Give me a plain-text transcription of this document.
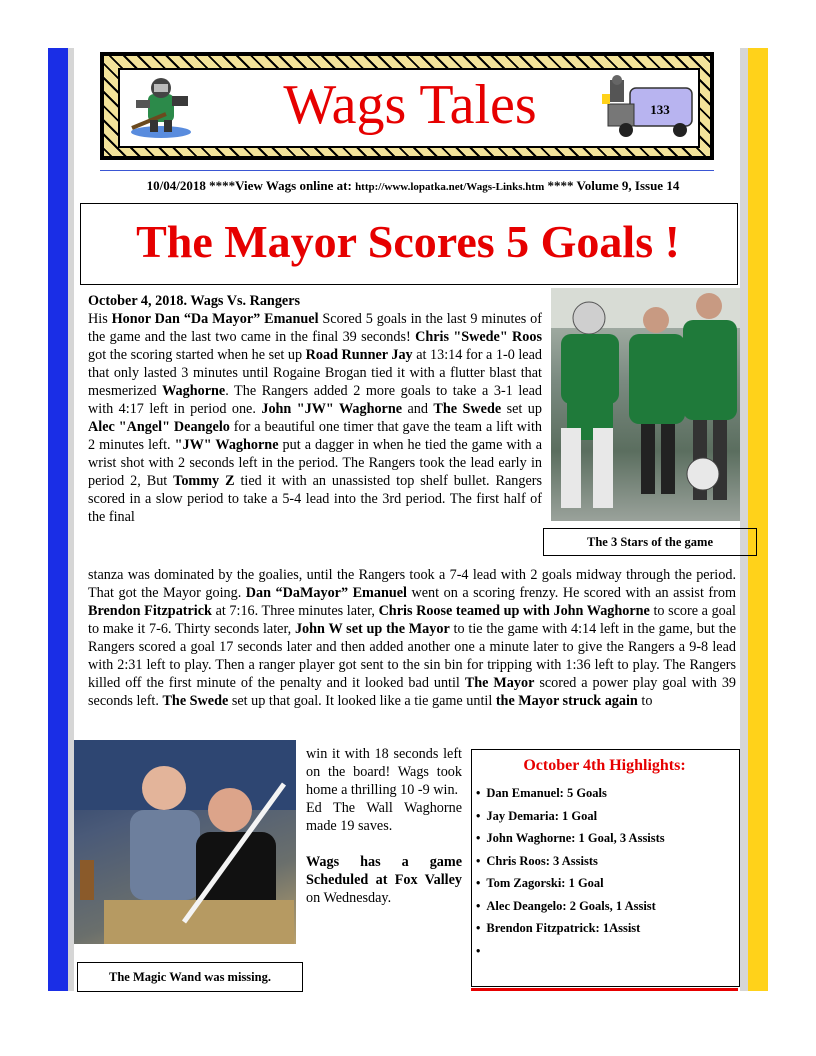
Wags Tales	133
10/04/2018 ****View Wags online at: http://www.lopatka.net/Wags-Links.htm **** Volume 9, Issue 14
The Mayor Scores 5 Goals !
October 4, 2018. Wags Vs. Rangers
His Honor Dan “Da Mayor” Emanuel Scored 5 goals in the last 9 minutes of the game and the last two came in the final 39 seconds! Chris "Swede" Roos got the scoring started when he set up Road Runner Jay at 13:14 for a 1-0 lead that only lasted 3 minutes until Rogaine Brogan tied it with a flutter blast that mesmerized Waghorne. The Rangers added 2 more goals to take a 3-1 lead with 4:17 left in period one. John "JW" Waghorne and The Swede set up Alec "Angel" Deangelo for a beautiful one timer that gave the team a lift with 2 minutes left. "JW" Waghorne put a dagger in when he tied the game with a wrist shot with 2 seconds left in the period. The Rangers took the lead early in period 2, But Tommy Z tied it with an unassisted top shelf bullet. Rangers scored in a slow period to take a 5-4 lead into the 3rd period. The first half of the final
The 3 Stars of the game
stanza was dominated by the goalies, until the Rangers took a 7-4 lead with 2 goals midway through the period. That got the Mayor going. Dan “DaMayor” Emanuel went on a scoring frenzy. He scored with an assist from Brendon Fitzpatrick at 7:16. Three minutes later, Chris Roose teamed up with John Waghorne to score a goal to make it 7-6. Thirty seconds later, John W set up the Mayor to tie the game with 4:14 left in the game, but the Rangers scored a goal 17 seconds later and then added another one a minute later to give the Rangers a 9-8 lead with 2:31 left to play. Then a ranger player got sent to the sin bin for tripping with 1:36 left to play. The Rangers killed off the first minute of the penalty and it looked bad until The Mayor scored a power play goal with 39 seconds left. The Swede set up that goal. It looked like a tie game until the Mayor struck again to
The Magic Wand was missing.
win it with 18 seconds left on the board! Wags took home a thrilling 10 -9 win.
Ed The Wall Waghorne made 19 saves.
Wags has a game Scheduled at Fox Valley on Wednesday.
October 4th Highlights:
• Dan Emanuel: 5 Goals
• Jay Demaria: 1 Goal
• John Waghorne: 1 Goal, 3 Assists
• Chris Roos: 3 Assists
• Tom Zagorski: 1 Goal
• Alec Deangelo: 2 Goals, 1 Assist
• Brendon Fitzpatrick: 1Assist
•
